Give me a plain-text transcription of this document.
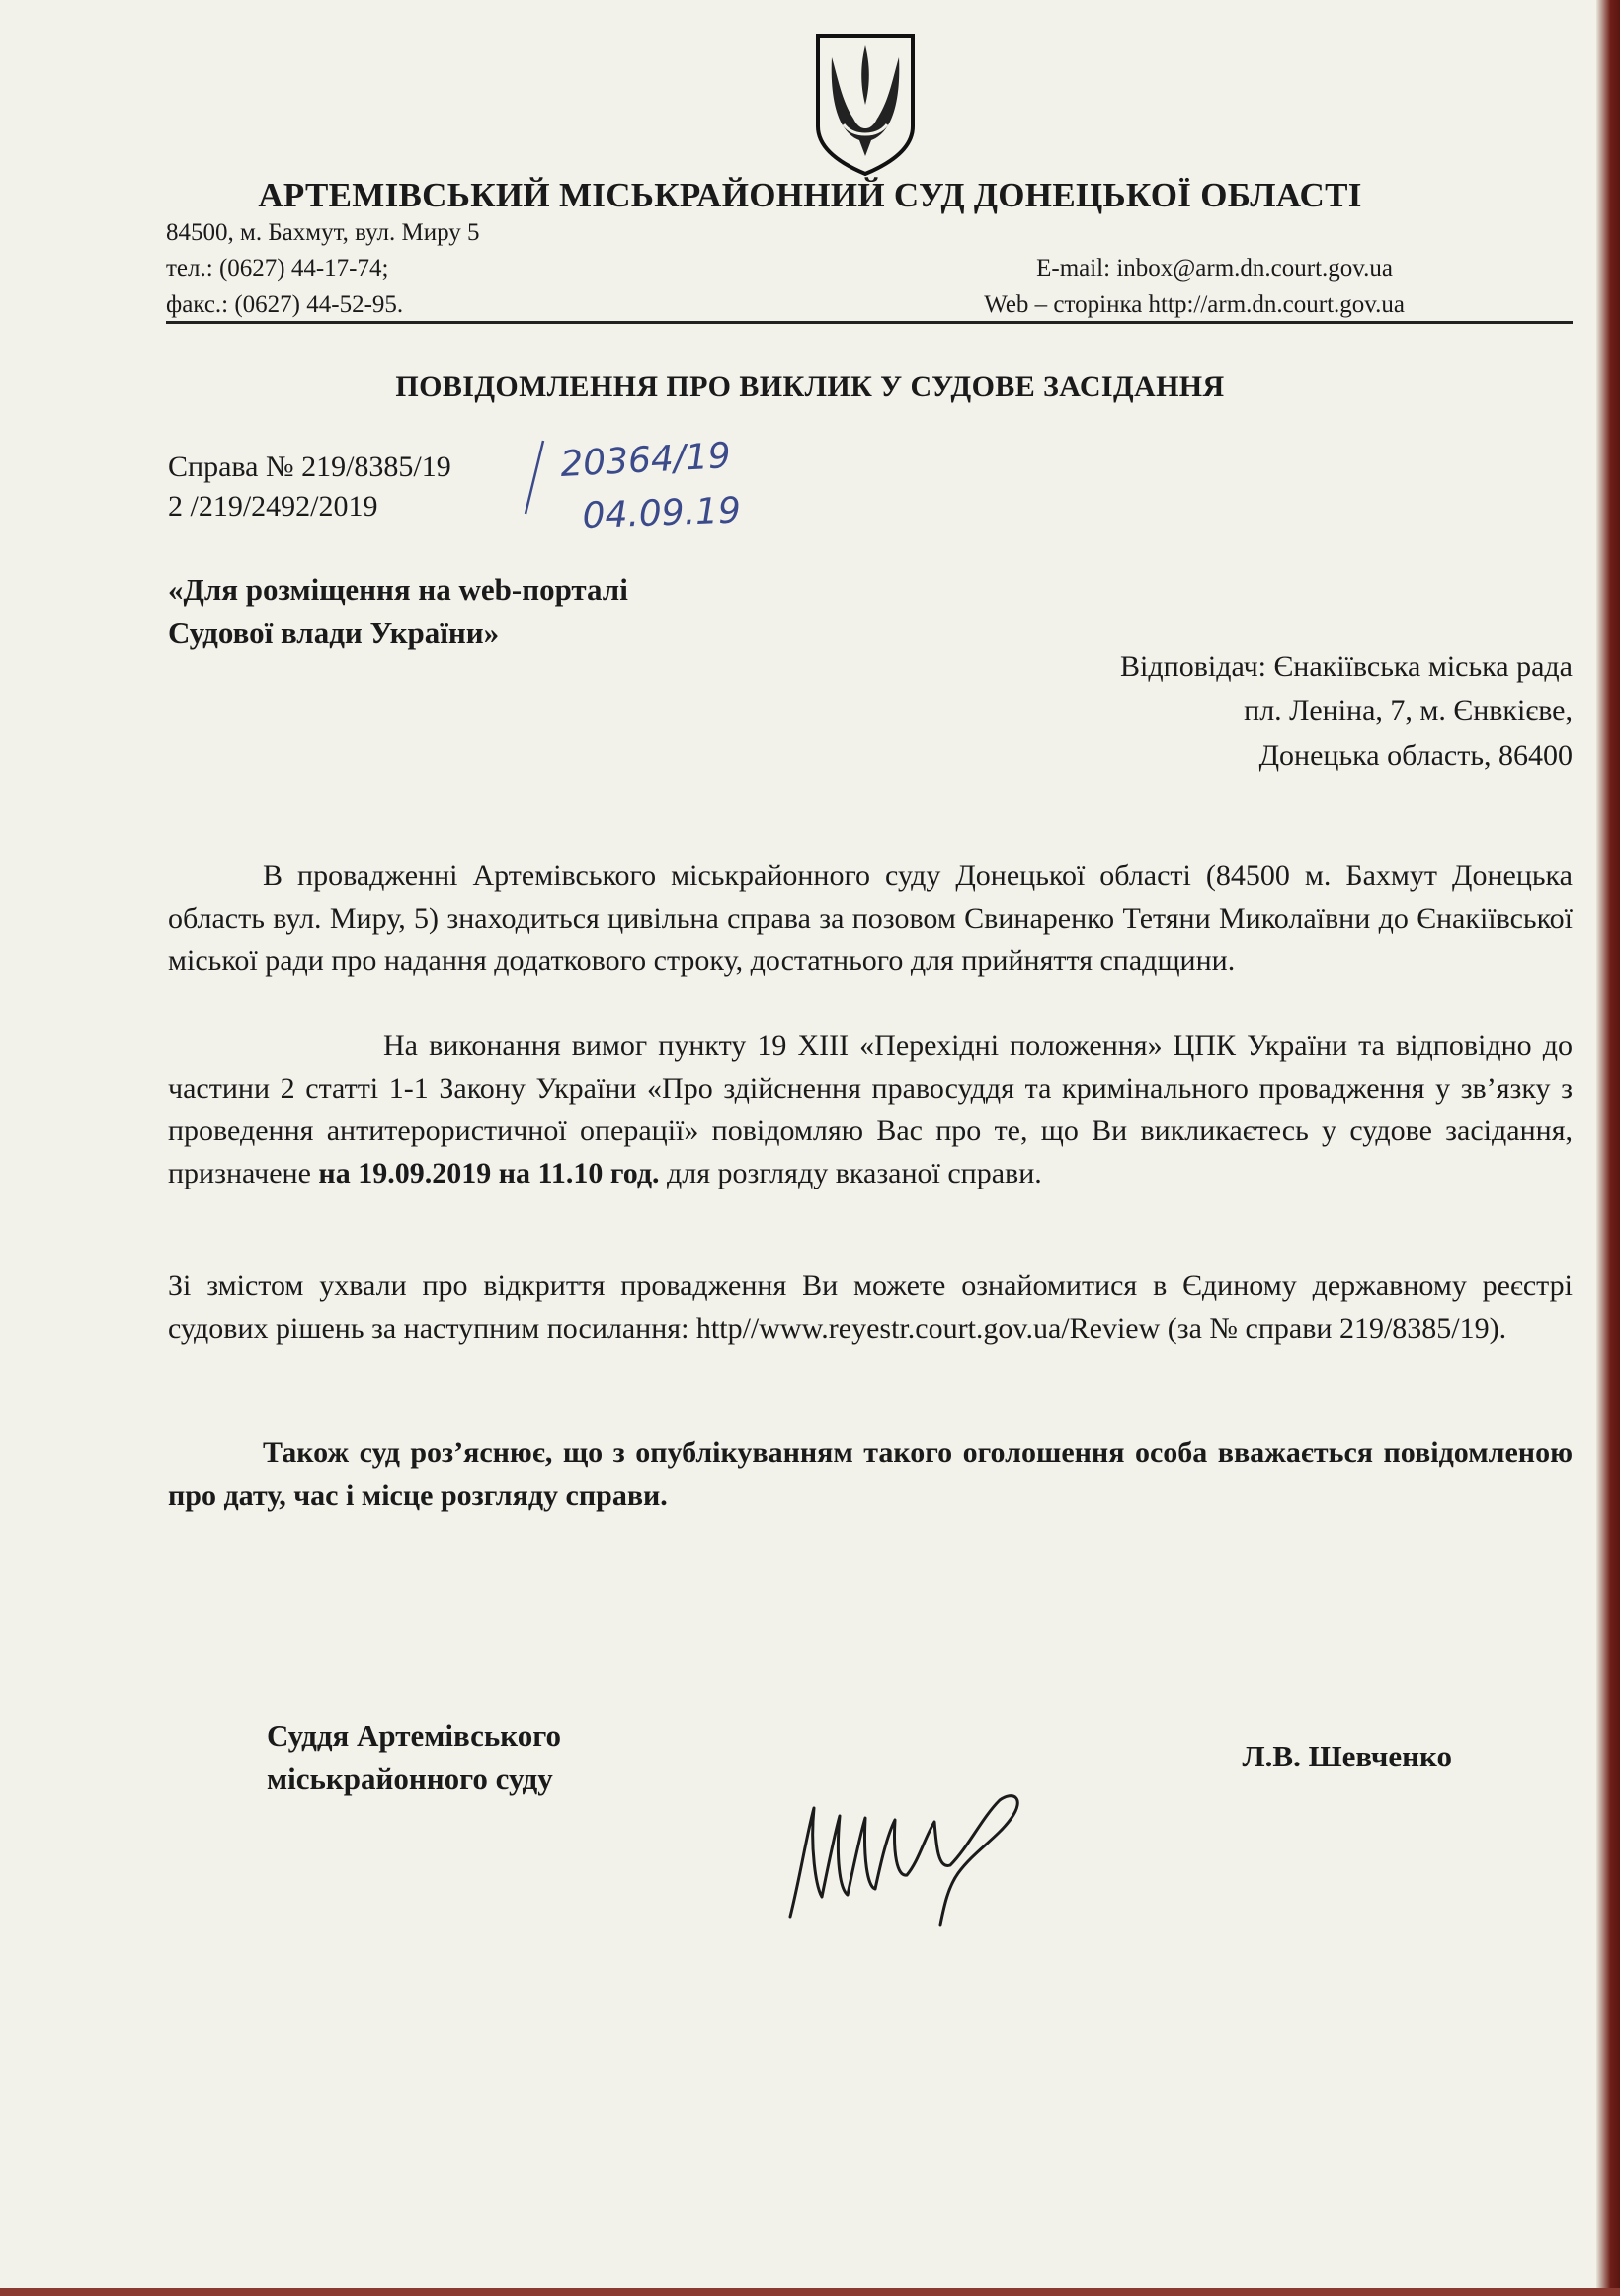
АРТЕМІВСЬКИЙ МІСЬКРАЙОННИЙ СУД ДОНЕЦЬКОЇ ОБЛАСТІ
84500, м. Бахмут, вул. Миру 5
тел.: (0627) 44-17-74;
факс.: (0627) 44-52-95.
E-mail: inbox@arm.dn.court.gov.ua
Web – сторінка http://arm.dn.court.gov.ua
ПОВІДОМЛЕННЯ ПРО ВИКЛИК У СУДОВЕ ЗАСІДАННЯ
Справа № 219/8385/19
2 /219/2492/2019
20364/19
04.09.19
«Для розміщення на web-порталі
Судової влади України»
Відповідач: Єнакіївська міська рада
пл. Леніна, 7, м. Єнвкієве,
Донецька область, 86400

В провадженні Артемівського міськрайонного суду Донецької області (84500 м. Бахмут Донецька область вул. Миру, 5) знаходиться цивільна справа за позовом Свинаренко Тетяни Миколаївни до Єнакіївської міської ради про надання додаткового строку, достатнього для прийняття спадщини.

На виконання вимог пункту 19 ХІІІ «Перехідні положення» ЦПК України та відповідно до частини 2 статті 1-1 Закону України «Про здійснення правосуддя та кримінального провадження у зв’язку з проведення антитерористичної операції» повідомляю Вас про те, що Ви викликаєтесь у судове засідання, призначене на 19.09.2019 на 11.10 год. для розгляду вказаної справи.

Зі змістом ухвали про відкриття провадження Ви можете ознайомитися в Єдиному державному реєстрі судових рішень за наступним посилання: http//www.reyestr.court.gov.ua/Review (за № справи 219/8385/19).

Також суд роз’яснює, що з опублікуванням такого оголошення особа вважається повідомленою про дату, час і місце розгляду справи.

Суддя Артемівського
міськрайонного суду
Л.В. Шевченко
